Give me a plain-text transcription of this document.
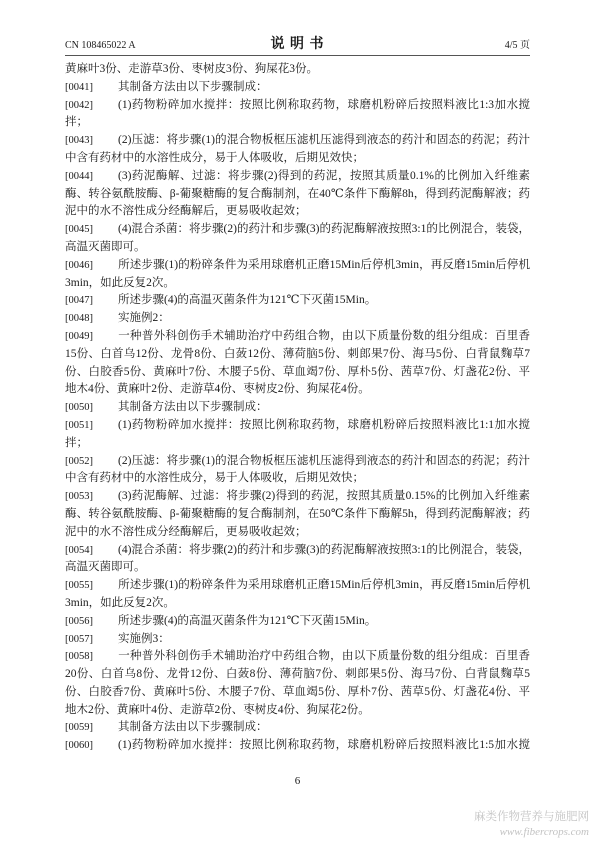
CN 108465022 A	说 明 书	4/5 页

黄麻叶3份、走游草3份、枣树皮3份、狗屎花3份。

[0041] 其制备方法由以下步骤制成：

[0042] (1)药物粉碎加水搅拌：按照比例称取药物，球磨机粉碎后按照料液比1:3加水搅拌；

[0043] (2)压滤：将步骤(1)的混合物板框压滤机压滤得到液态的药汁和固态的药泥；药汁中含有药材中的水溶性成分，易于人体吸收，后期见效快；

[0044] (3)药泥酶解、过滤：将步骤(2)得到的药泥，按照其质量0.1%的比例加入纤维素酶、转谷氨酰胺酶、β-葡聚糖酶的复合酶制剂，在40℃条件下酶解8h，得到药泥酶解液；药泥中的水不溶性成分经酶解后，更易吸收起效；

[0045] (4)混合杀菌：将步骤(2)的药汁和步骤(3)的药泥酶解液按照3:1的比例混合，装袋，高温灭菌即可。

[0046] 所述步骤(1)的粉碎条件为采用球磨机正磨15Min后停机3min，再反磨15min后停机3min，如此反复2次。

[0047] 所述步骤(4)的高温灭菌条件为121℃下灭菌15Min。

[0048] 实施例2：

[0049] 一种普外科创伤手术辅助治疗中药组合物，由以下质量份数的组分组成：百里香15份、白首乌12份、龙骨8份、白蔹12份、薄荷脑5份、刺郎果7份、海马5份、白背鼠麴草7份、白胶香5份、黄麻叶7份、木腰子5份、草血竭7份、厚朴5份、茜草7份、灯盏花2份、平地木4份、黄麻叶2份、走游草4份、枣树皮2份、狗屎花4份。

[0050] 其制备方法由以下步骤制成：

[0051] (1)药物粉碎加水搅拌：按照比例称取药物，球磨机粉碎后按照料液比1:1加水搅拌；

[0052] (2)压滤：将步骤(1)的混合物板框压滤机压滤得到液态的药汁和固态的药泥；药汁中含有药材中的水溶性成分，易于人体吸收，后期见效快；

[0053] (3)药泥酶解、过滤：将步骤(2)得到的药泥，按照其质量0.15%的比例加入纤维素酶、转谷氨酰胺酶、β-葡聚糖酶的复合酶制剂，在50℃条件下酶解5h，得到药泥酶解液；药泥中的水不溶性成分经酶解后，更易吸收起效；

[0054] (4)混合杀菌：将步骤(2)的药汁和步骤(3)的药泥酶解液按照3:1的比例混合，装袋，高温灭菌即可。

[0055] 所述步骤(1)的粉碎条件为采用球磨机正磨15Min后停机3min，再反磨15min后停机3min，如此反复2次。

[0056] 所述步骤(4)的高温灭菌条件为121℃下灭菌15Min。

[0057] 实施例3：

[0058] 一种普外科创伤手术辅助治疗中药组合物，由以下质量份数的组分组成：百里香20份、白首乌8份、龙骨12份、白蔹8份、薄荷脑7份、刺郎果5份、海马7份、白背鼠麴草5份、白胶香7份、黄麻叶5份、木腰子7份、草血竭5份、厚朴7份、茜草5份、灯盏花4份、平地木2份、黄麻叶4份、走游草2份、枣树皮4份、狗屎花2份。

[0059] 其制备方法由以下步骤制成：

[0060] (1)药物粉碎加水搅拌：按照比例称取药物，球磨机粉碎后按照料液比1:5加水搅

6
麻类作物营养与施肥网
www.fibercrops.com
